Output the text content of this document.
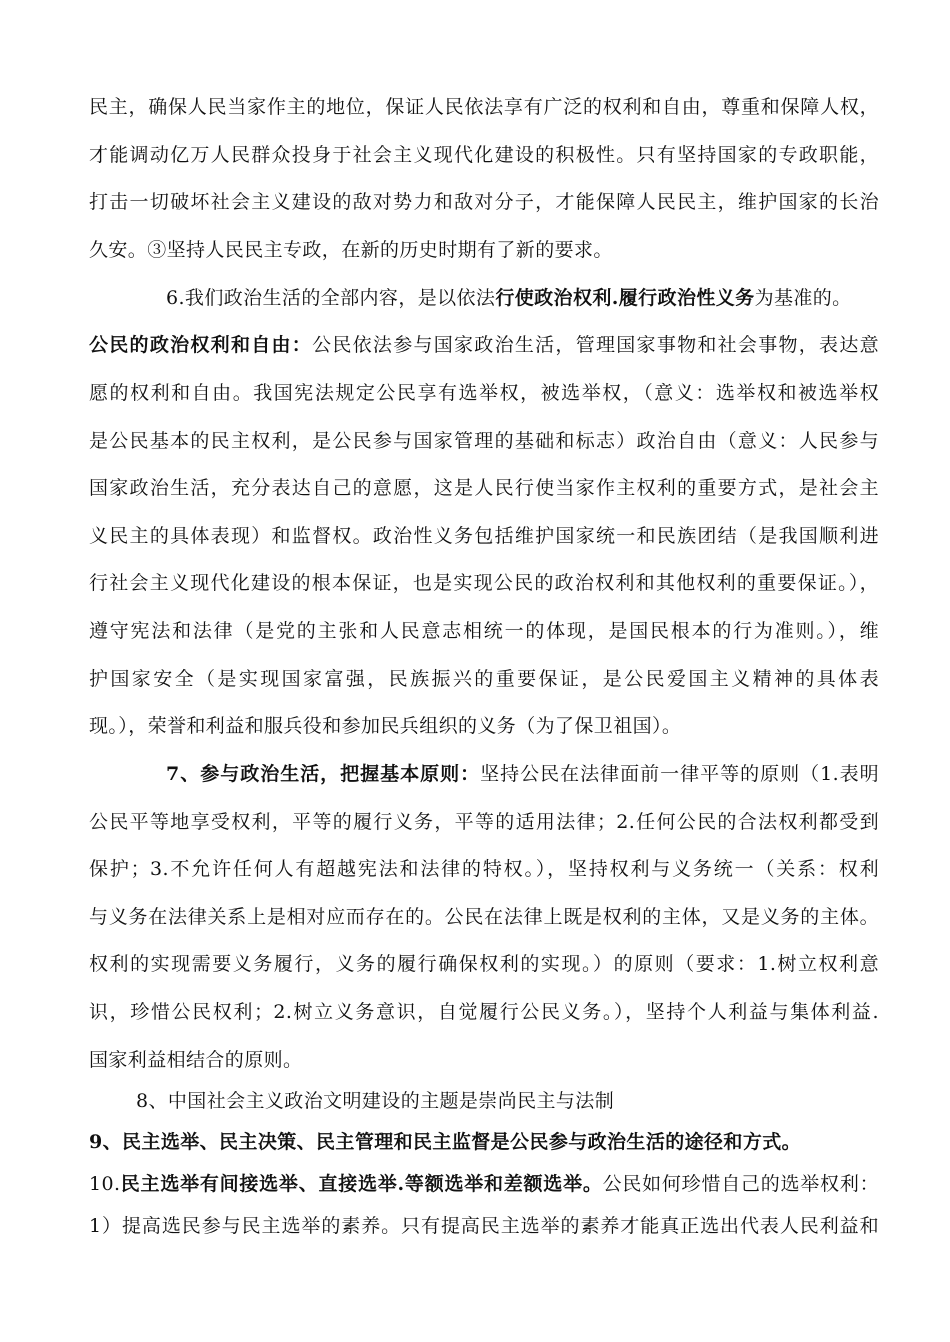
民主，确保人民当家作主的地位，保证人民依法享有广泛的权利和自由，尊重和保障人权，
才能调动亿万人民群众投身于社会主义现代化建设的积极性。只有坚持国家的专政职能，
打击一切破坏社会主义建设的敌对势力和敌对分子，才能保障人民民主，维护国家的长治
久安。③坚持人民民主专政，在新的历史时期有了新的要求。
6.我们政治生活的全部内容，是以依法行使政治权利.履行政治性义务为基准的。
公民的政治权利和自由：公民依法参与国家政治生活，管理国家事物和社会事物，表达意
愿的权利和自由。我国宪法规定公民享有选举权，被选举权，（意义：选举权和被选举权
是公民基本的民主权利，是公民参与国家管理的基础和标志）政治自由（意义：人民参与
国家政治生活，充分表达自己的意愿，这是人民行使当家作主权利的重要方式，是社会主
义民主的具体表现）和监督权。政治性义务包括维护国家统一和民族团结（是我国顺利进
行社会主义现代化建设的根本保证，也是实现公民的政治权利和其他权利的重要保证。），
遵守宪法和法律（是党的主张和人民意志相统一的体现，是国民根本的行为准则。），维
护国家安全（是实现国家富强，民族振兴的重要保证，是公民爱国主义精神的具体表
现。），荣誉和利益和服兵役和参加民兵组织的义务（为了保卫祖国）。
7、参与政治生活，把握基本原则：坚持公民在法律面前一律平等的原则（1.表明
公民平等地享受权利，平等的履行义务，平等的适用法律；2.任何公民的合法权利都受到
保护；3.不允许任何人有超越宪法和法律的特权。），坚持权利与义务统一（关系：权利
与义务在法律关系上是相对应而存在的。公民在法律上既是权利的主体，又是义务的主体。
权利的实现需要义务履行，义务的履行确保权利的实现。）的原则（要求：1.树立权利意
识，珍惜公民权利；2.树立义务意识，自觉履行公民义务。），坚持个人利益与集体利益.
国家利益相结合的原则。
8、中国社会主义政治文明建设的主题是崇尚民主与法制
9、民主选举、民主决策、民主管理和民主监督是公民参与政治生活的途径和方式。
10.民主选举有间接选举、直接选举.等额选举和差额选举。公民如何珍惜自己的选举权利：
1）提高选民参与民主选举的素养。只有提高民主选举的素养才能真正选出代表人民利益和
